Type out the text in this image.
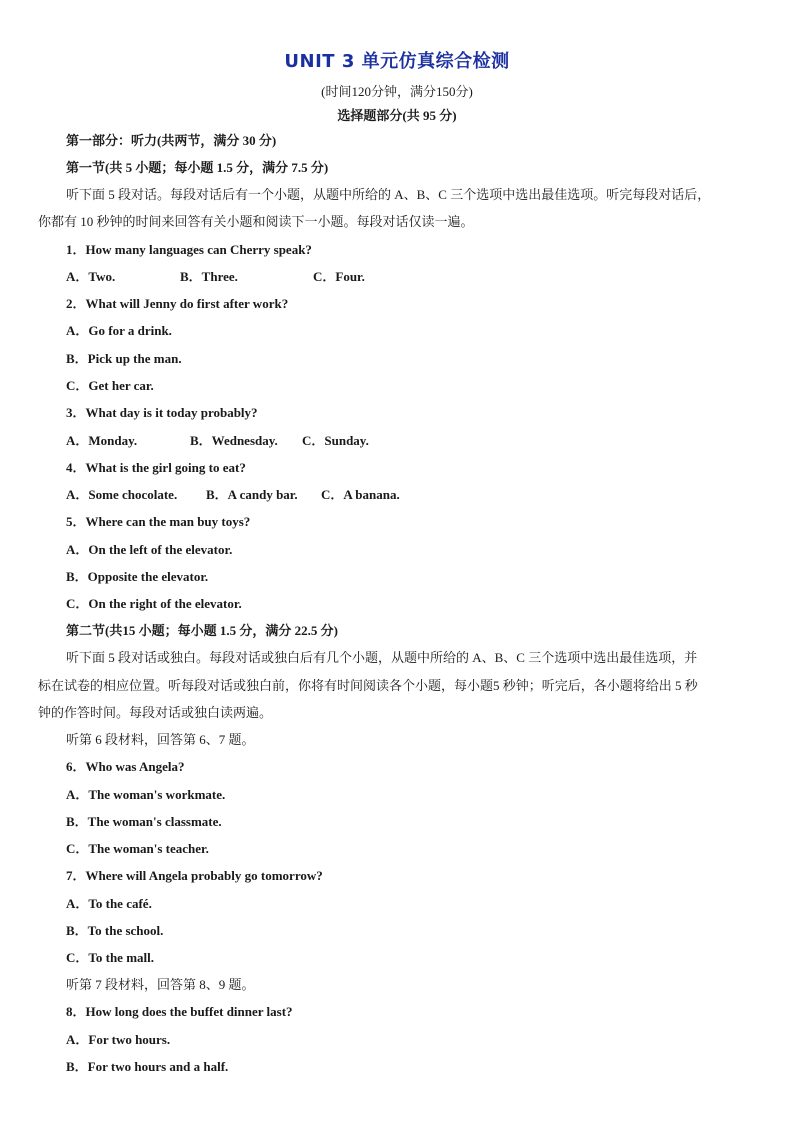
UNIT 3 单元仿真综合检测
(时间120分钟，满分150分)
选择题部分(共 95 分)
第一部分：听力(共两节，满分 30 分)
第一节(共 5 小题；每小题 1.5 分，满分 7.5 分)
听下面 5 段对话。每段对话后有一个小题，从题中所给的 A、B、C 三个选项中选出最佳选项。听完每段对话后，
你都有 10 秒钟的时间来回答有关小题和阅读下一小题。每段对话仅读一遍。
1．How many languages can Cherry speak?
A．Two.	B．Three.	C．Four.
2．What will Jenny do first after work?
A．Go for a drink.
B．Pick up the man.
C．Get her car.
3．What day is it today probably?
A．Monday.	B．Wednesday. C．Sunday.
4．What is the girl going to eat?
A．Some chocolate. B．A candy bar. C．A banana.
5．Where can the man buy toys?
A．On the left of the elevator.
B．Opposite the elevator.
C．On the right of the elevator.
第二节(共15 小题；每小题 1.5 分，满分 22.5 分)
听下面 5 段对话或独白。每段对话或独白后有几个小题，从题中所给的 A、B、C 三个选项中选出最佳选项，并
标在试卷的相应位置。听每段对话或独白前，你将有时间阅读各个小题，每小题5 秒钟；听完后，各小题将给出 5 秒
钟的作答时间。每段对话或独白读两遍。
听第 6 段材料，回答第 6、7 题。
6．Who was Angela?
A．The woman's workmate.
B．The woman's classmate.
C．The woman's teacher.
7．Where will Angela probably go tomorrow?
A．To the café.
B．To the school.
C．To the mall.
听第 7 段材料，回答第 8、9 题。
8．How long does the buffet dinner last?
A．For two hours.
B．For two hours and a half.
